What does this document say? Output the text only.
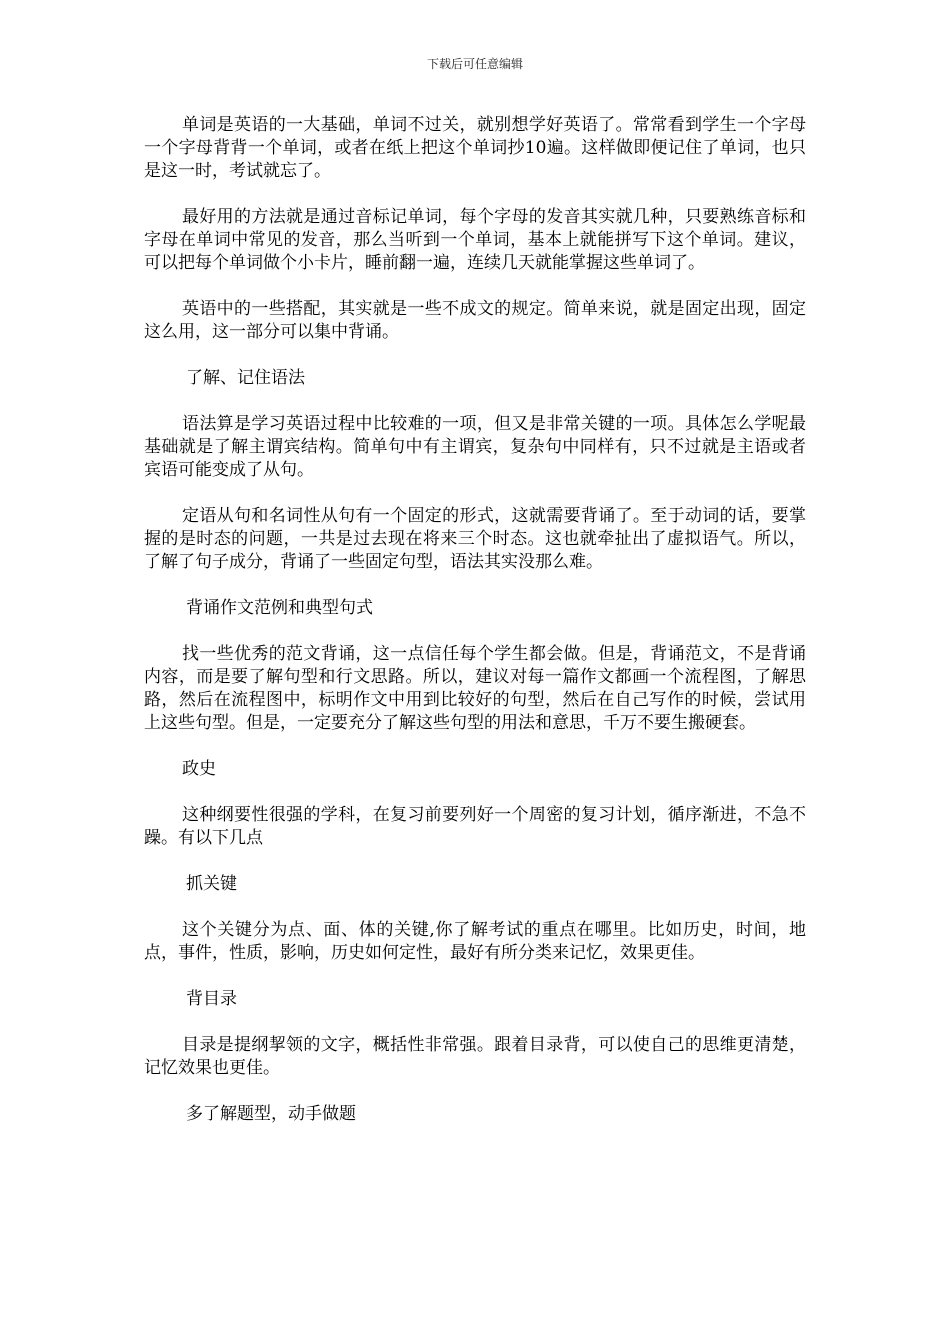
下载后可任意编辑

单词是英语的一大基础，单词不过关，就别想学好英语了。常常看到学生一个字母一个字母背背一个单词，或者在纸上把这个单词抄10遍。这样做即便记住了单词，也只是这一时，考试就忘了。

最好用的方法就是通过音标记单词，每个字母的发音其实就几种，只要熟练音标和字母在单词中常见的发音，那么当听到一个单词，基本上就能拼写下这个单词。建议，可以把每个单词做个小卡片，睡前翻一遍，连续几天就能掌握这些单词了。

英语中的一些搭配，其实就是一些不成文的规定。简单来说，就是固定出现，固定这么用，这一部分可以集中背诵。

了解、记住语法

语法算是学习英语过程中比较难的一项，但又是非常关键的一项。具体怎么学呢最基础就是了解主谓宾结构。简单句中有主谓宾，复杂句中同样有，只不过就是主语或者宾语可能变成了从句。

定语从句和名词性从句有一个固定的形式，这就需要背诵了。至于动词的话，要掌握的是时态的问题，一共是过去现在将来三个时态。这也就牵扯出了虚拟语气。所以，了解了句子成分，背诵了一些固定句型，语法其实没那么难。

背诵作文范例和典型句式

找一些优秀的范文背诵，这一点信任每个学生都会做。但是，背诵范文，不是背诵内容，而是要了解句型和行文思路。所以，建议对每一篇作文都画一个流程图，了解思路，然后在流程图中，标明作文中用到比较好的句型，然后在自己写作的时候，尝试用上这些句型。但是，一定要充分了解这些句型的用法和意思，千万不要生搬硬套。

政史

这种纲要性很强的学科，在复习前要列好一个周密的复习计划，循序渐进，不急不躁。有以下几点

抓关键

这个关键分为点、面、体的关键,你了解考试的重点在哪里。比如历史，时间，地点，事件，性质，影响，历史如何定性，最好有所分类来记忆，效果更佳。

背目录

目录是提纲挈领的文字，概括性非常强。跟着目录背，可以使自己的思维更清楚，记忆效果也更佳。

多了解题型，动手做题
